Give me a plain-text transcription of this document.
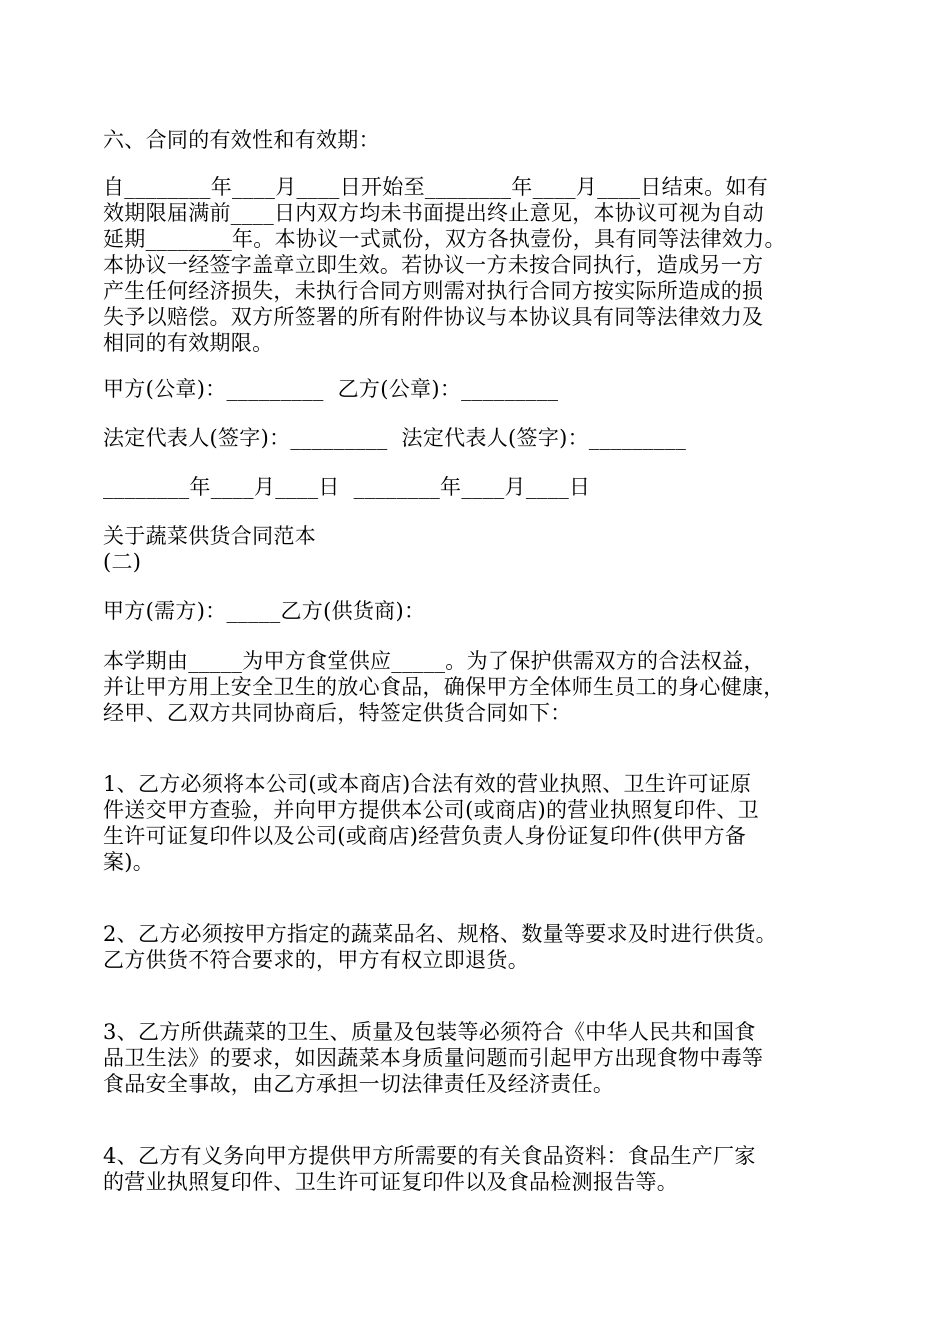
六、合同的有效性和有效期：
自________年____月____日开始至________年____月____日结束。如有
效期限届满前____日内双方均未书面提出终止意见，本协议可视为自动
延期________年。本协议一式贰份，双方各执壹份，具有同等法律效力。
本协议一经签字盖章立即生效。若协议一方未按合同执行，造成另一方
产生任何经济损失，未执行合同方则需对执行合同方按实际所造成的损
失予以赔偿。双方所签署的所有附件协议与本协议具有同等法律效力及
相同的有效期限。
甲方(公章)：_________  乙方(公章)：_________
法定代表人(签字)：_________  法定代表人(签字)：_________
________年____月____日  ________年____月____日
关于蔬菜供货合同范本
(二)
甲方(需方)：_____乙方(供货商)：
本学期由_____为甲方食堂供应_____。为了保护供需双方的合法权益，
并让甲方用上安全卫生的放心食品，确保甲方全体师生员工的身心健康，
经甲、乙双方共同协商后，特签定供货合同如下：
1、乙方必须将本公司(或本商店)合法有效的营业执照、卫生许可证原
件送交甲方查验，并向甲方提供本公司(或商店)的营业执照复印件、卫
生许可证复印件以及公司(或商店)经营负责人身份证复印件(供甲方备
案)。
2、乙方必须按甲方指定的蔬菜品名、规格、数量等要求及时进行供货。
乙方供货不符合要求的，甲方有权立即退货。
3、乙方所供蔬菜的卫生、质量及包装等必须符合《中华人民共和国食
品卫生法》的要求，如因蔬菜本身质量问题而引起甲方出现食物中毒等
食品安全事故，由乙方承担一切法律责任及经济责任。
4、乙方有义务向甲方提供甲方所需要的有关食品资料：食品生产厂家
的营业执照复印件、卫生许可证复印件以及食品检测报告等。
